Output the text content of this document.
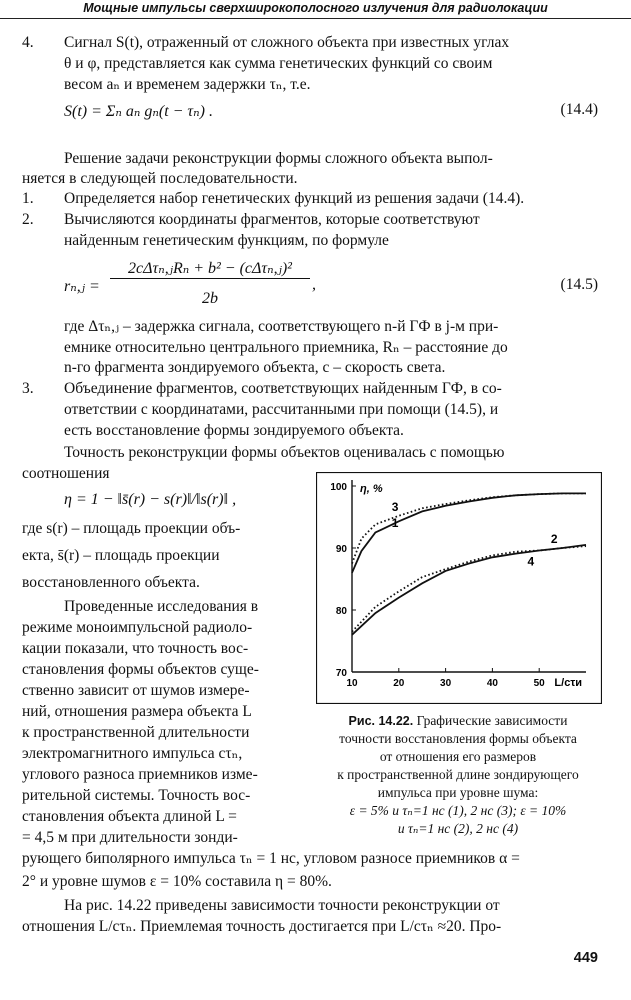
Мощные импульсы сверхширокополосного излучения для радиолокации
4. Сигнал S(t), отраженный от сложного объекта при известных углах
θ и φ, представляется как сумма генетических функций со своим
весом aₙ и временем задержки τₙ, т.е.
S(t) = Σₙ aₙ gₙ(t − τₙ) .	(14.4)
Решение задачи реконструкции формы сложного объекта выпол-
няется в следующей последовательности.
1. Определяется набор генетических функций из решения задачи (14.4).
2. Вычисляются координаты фрагментов, которые соответствуют
найденным генетическим функциям, по формуле
rₙ,ⱼ =
2cΔτₙ,ⱼRₙ + b² − (cΔτₙ,ⱼ)²
2b
,	(14.5)
где Δτₙ,ⱼ – задержка сигнала, соответствующего n-й ГФ в j-м при-
емнике относительно центрального приемника, Rₙ – расстояние до
n-го фрагмента зондируемого объекта, c – скорость света.
3. Объединение фрагментов, соответствующих найденным ГФ, в со-
ответствии с координатами, рассчитанными при помощи (14.5), и
есть восстановление формы зондируемого объекта.
Точность реконструкции формы объектов оценивалась с помощью
соотношения
η = 1 − ‖s̄(r) − s(r)‖/‖s(r)‖ ,
где s(r) – площадь проекции объ-
екта, s̄(r) – площадь проекции
восстановленного объекта.
Проведенные исследования в
режиме моноимпульсной радиоло-
кации показали, что точность вос-
становления формы объектов суще-
ственно зависит от шумов измере-
ний, отношения размера объекта L
к пространственной длительности
электромагнитного импульса cτₙ,
углового разноса приемников изме-
рительной системы. Точность вос-
становления объекта длиной L =
= 4,5 м при длительности зонди-
10	20	30	40	50
70
80
90
100 η, %
L/cτи
3
1
2
4
Рис. 14.22. Графические зависимости
точности восстановления формы объекта
от отношения его размеров
к пространственной длине зондирующего
импульса при уровне шума:
ε = 5% и τₙ=1 нс (1), 2 нс (3); ε = 10%
и τₙ=1 нс (2), 2 нс (4)
рующего биполярного импульса τₙ = 1 нс, угловом разносе приемников α =
2° и уровне шумов ε = 10% составила η = 80%.
На рис. 14.22 приведены зависимости точности реконструкции от
отношения L/cτₙ. Приемлемая точность достигается при L/cτₙ ≈20. Про-
449
